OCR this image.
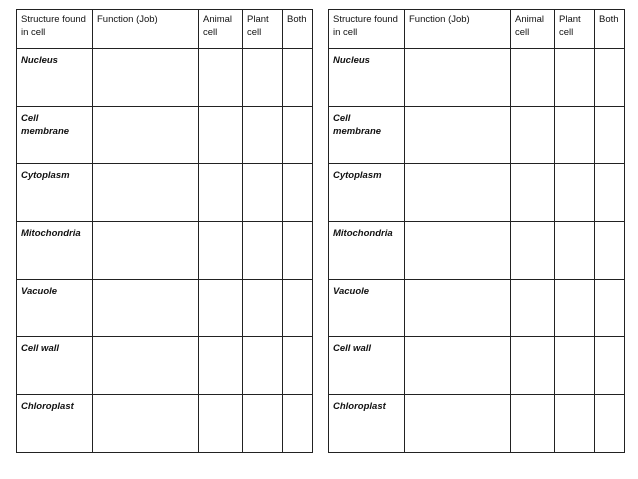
Structure found in cell	Function (Job)	Animal cell	Plant cell	Both
Nucleus				
Cell membrane				
Cytoplasm				
Mitochondria				
Vacuole				
Cell wall				
Chloroplast				
Structure found in cell	Function (Job)	Animal cell	Plant cell	Both
Nucleus				
Cell membrane				
Cytoplasm				
Mitochondria				
Vacuole				
Cell wall				
Chloroplast				
